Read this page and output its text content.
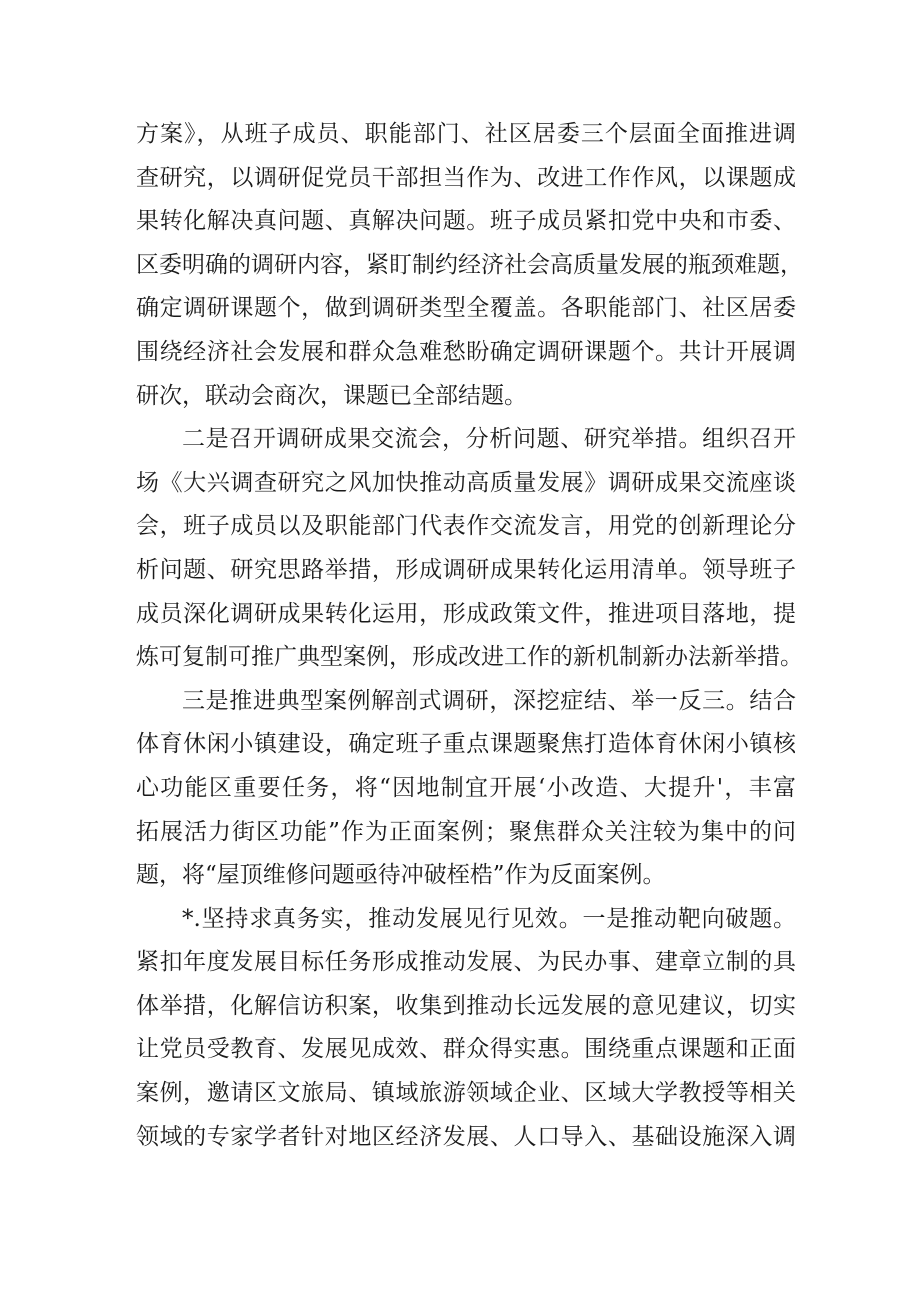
方案》，从班子成员、职能部门、社区居委三个层面全面推进调
查研究，以调研促党员干部担当作为、改进工作作风，以课题成
果转化解决真问题、真解决问题。班子成员紧扣党中央和市委、
区委明确的调研内容，紧盯制约经济社会高质量发展的瓶颈难题，
确定调研课题个，做到调研类型全覆盖。各职能部门、社区居委
围绕经济社会发展和群众急难愁盼确定调研课题个。共计开展调
研次，联动会商次，课题已全部结题。
二是召开调研成果交流会，分析问题、研究举措。组织召开
场《大兴调查研究之风加快推动高质量发展》调研成果交流座谈
会，班子成员以及职能部门代表作交流发言，用党的创新理论分
析问题、研究思路举措，形成调研成果转化运用清单。领导班子
成员深化调研成果转化运用，形成政策文件，推进项目落地，提
炼可复制可推广典型案例，形成改进工作的新机制新办法新举措。
三是推进典型案例解剖式调研，深挖症结、举一反三。结合
体育休闲小镇建设，确定班子重点课题聚焦打造体育休闲小镇核
心功能区重要任务，将“因地制宜开展‘小改造、大提升'，丰富
拓展活力街区功能”作为正面案例；聚焦群众关注较为集中的问
题，将“屋顶维修问题亟待冲破桎梏”作为反面案例。
*.坚持求真务实，推动发展见行见效。一是推动靶向破题。
紧扣年度发展目标任务形成推动发展、为民办事、建章立制的具
体举措，化解信访积案，收集到推动长远发展的意见建议，切实
让党员受教育、发展见成效、群众得实惠。围绕重点课题和正面
案例，邀请区文旅局、镇域旅游领域企业、区域大学教授等相关
领域的专家学者针对地区经济发展、人口导入、基础设施深入调
